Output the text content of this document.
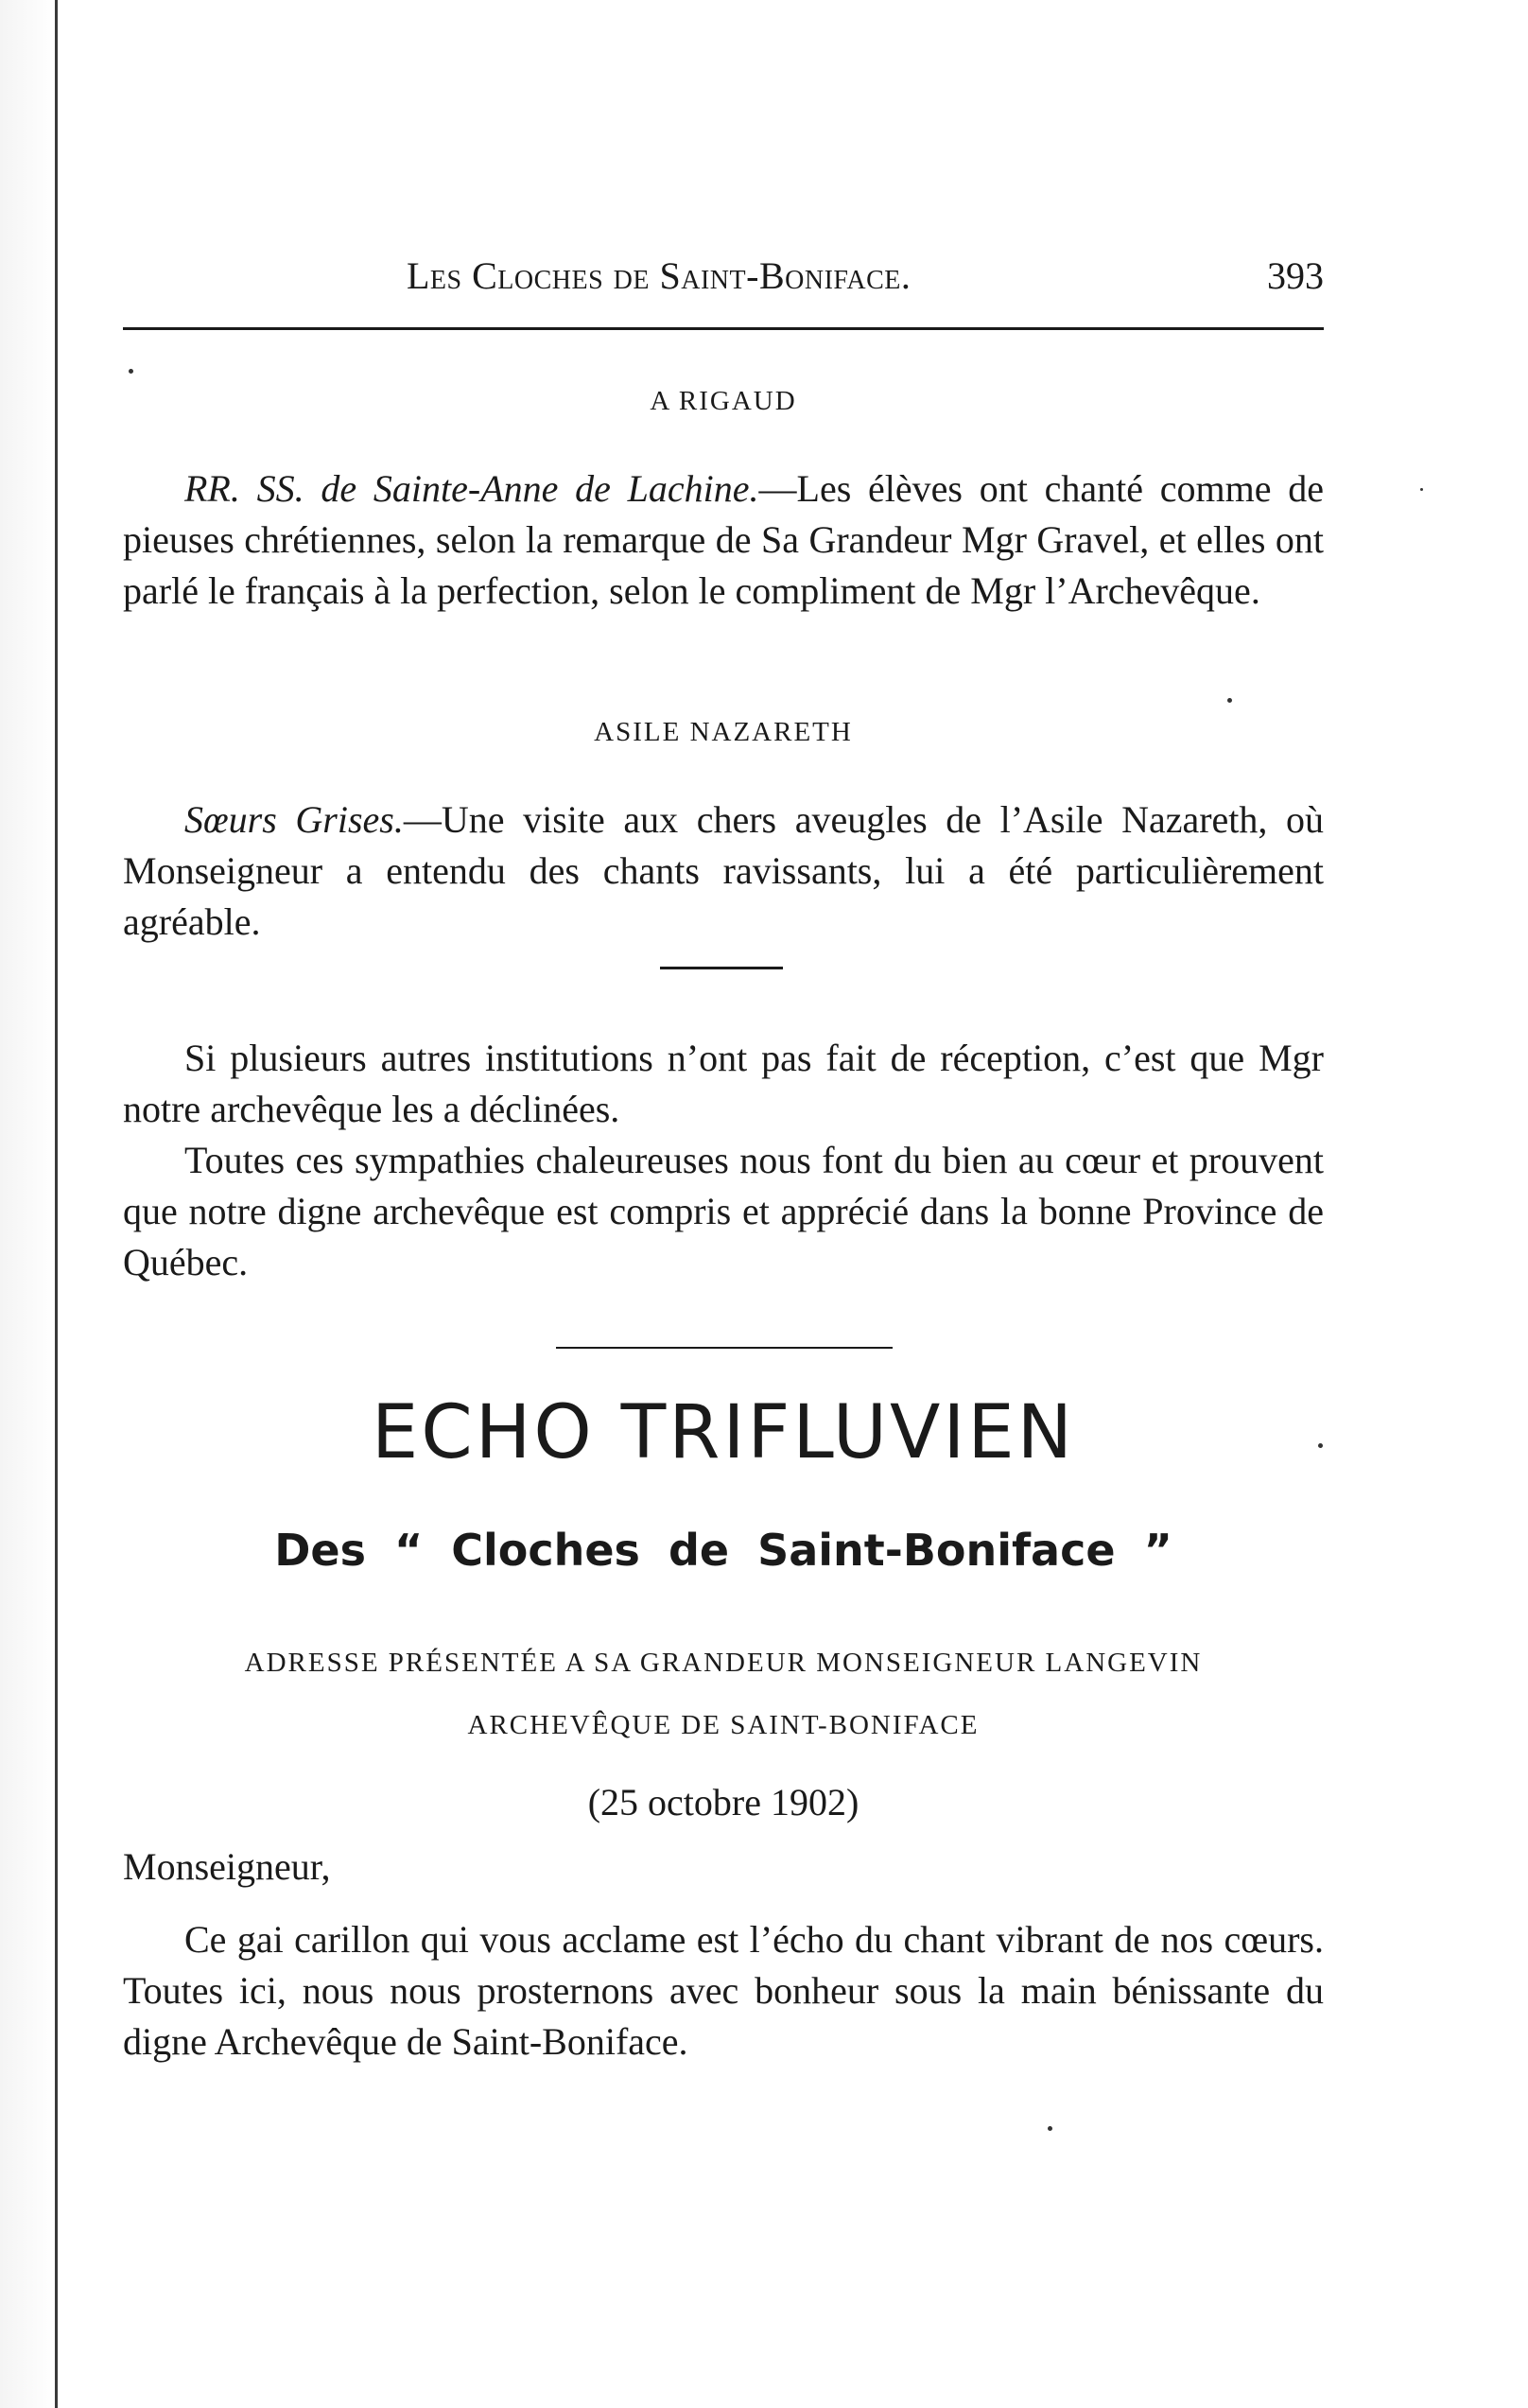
Les Cloches de Saint-Boniface.	393
A RIGAUD

RR. SS. de Sainte-Anne de Lachine.—Les élèves ont chanté comme de pieuses chrétiennes, selon la remarque de Sa Grandeur Mgr Gravel, et elles ont parlé le français à la perfection, selon le compliment de Mgr l’Archevêque.

ASILE NAZARETH

Sœurs Grises.—Une visite aux chers aveugles de l’Asile Nazareth, où Monseigneur a entendu des chants ravissants, lui a été particulièrement agréable.

Si plusieurs autres institutions n’ont pas fait de réception, c’est que Mgr notre archevêque les a déclinées.

Toutes ces sympathies chaleureuses nous font du bien au cœur et prouvent que notre digne archevêque est compris et apprécié dans la bonne Province de Québec.

ECHO TRIFLUVIEN
Des “ Cloches de Saint-Boniface ”
ADRESSE PRÉSENTÉE A SA GRANDEUR MONSEIGNEUR LANGEVIN
ARCHEVÊQUE DE SAINT-BONIFACE
(25 octobre 1902)
Monseigneur,

Ce gai carillon qui vous acclame est l’écho du chant vibrant de nos cœurs. Toutes ici, nous nous prosternons avec bonheur sous la main bénissante du digne Archevêque de Saint-Boniface.
